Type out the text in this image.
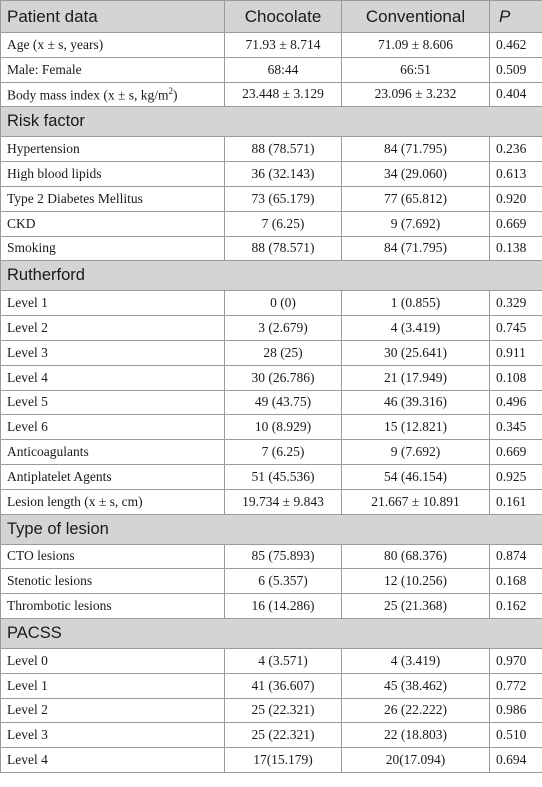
Patient data	Chocolate	Conventional	P
Age (x ± s, years)	71.93 ± 8.714	71.09 ± 8.606	0.462
Male: Female	68:44	66:51	0.509
Body mass index (x ± s, $kg/m^2$)	23.448 ± 3.129	23.096 ± 3.232	0.404
Risk factor			
Hypertension	88 (78.571)	84 (71.795)	0.236
High blood lipids	36 (32.143)	34 (29.060)	0.613
Type 2 Diabetes Mellitus	73 (65.179)	77 (65.812)	0.920
CKD	7 (6.25)	9 (7.692)	0.669
Smoking	88 (78.571)	84 (71.795)	0.138
Rutherford			
Level 1	0 (0)	1 (0.855)	0.329
Level 2	3 (2.679)	4 (3.419)	0.745
Level 3	28 (25)	30 (25.641)	0.911
Level 4	30 (26.786)	21 (17.949)	0.108
Level 5	49 (43.75)	46 (39.316)	0.496
Level 6	10 (8.929)	15 (12.821)	0.345
Anticoagulants	7 (6.25)	9 (7.692)	0.669
Antiplatelet Agents	51 (45.536)	54 (46.154)	0.925
Lesion length (x ± s, cm)	19.734 ± 9.843	21.667 ± 10.891	0.161
Type of lesion			
CTO lesions	85 (75.893)	80 (68.376)	0.874
Stenotic lesions	6 (5.357)	12 (10.256)	0.168
Thrombotic lesions	16 (14.286)	25 (21.368)	0.162
PACSS			
Level 0	4 (3.571)	4 (3.419)	0.970
Level 1	41 (36.607)	45 (38.462)	0.772
Level 2	25 (22.321)	26 (22.222)	0.986
Level 3	25 (22.321)	22 (18.803)	0.510
Level 4	17(15.179)	20(17.094)	0.694
